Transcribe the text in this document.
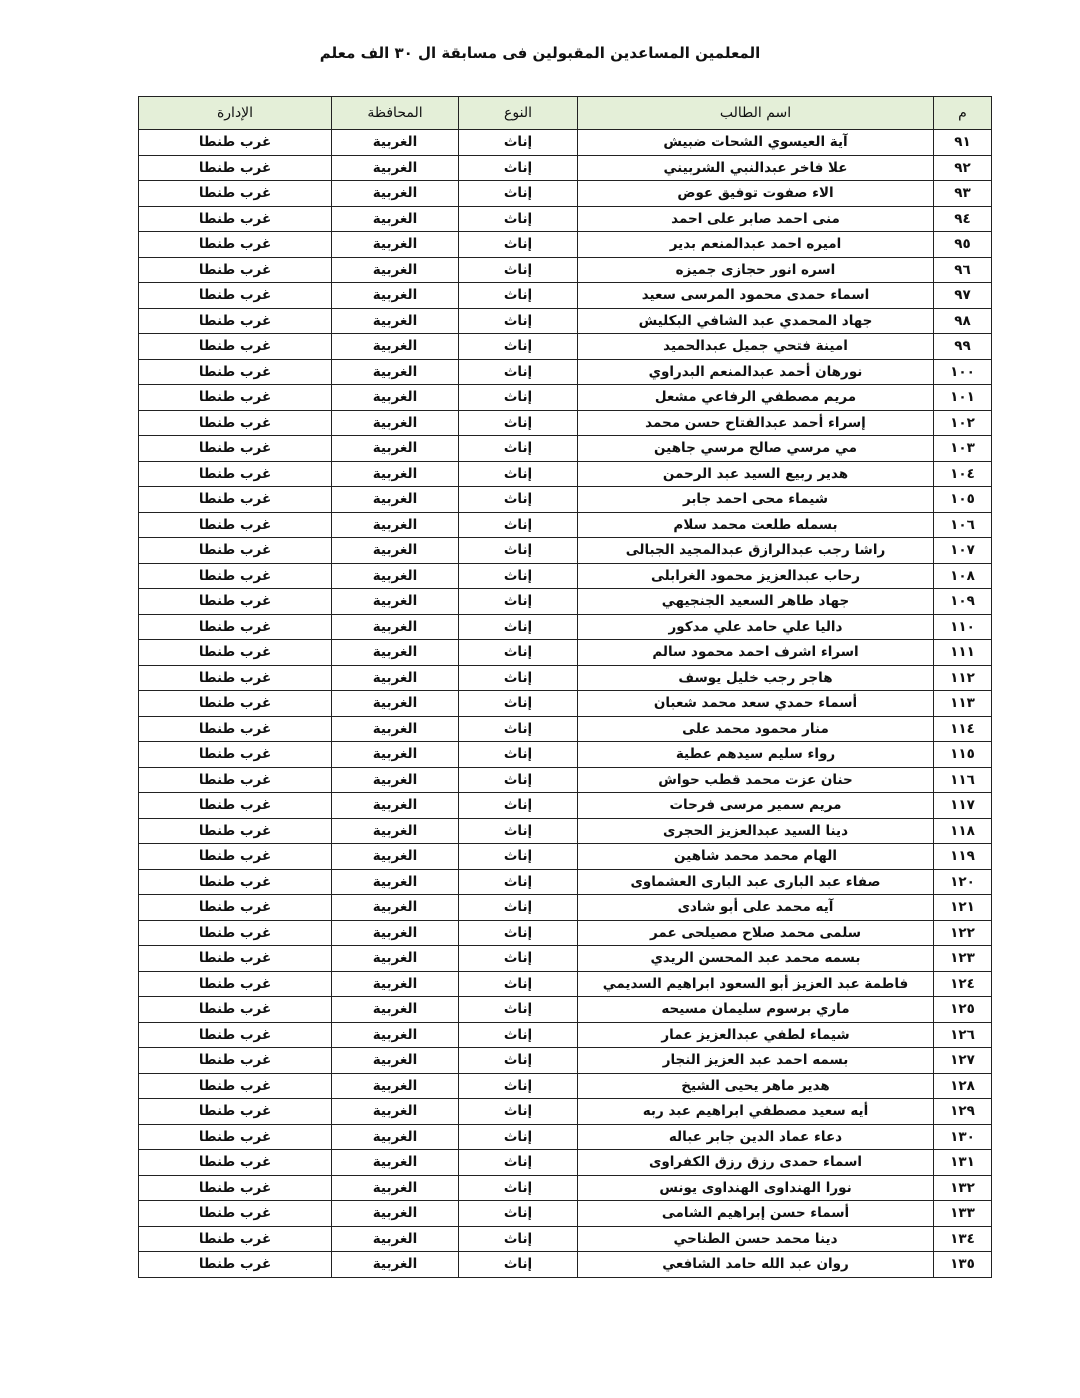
المعلمين المساعدين المقبولين فى مسابقة ال ٣٠ الف معلم
م	اسم الطالب	النوع	المحافظة	الإدارة
٩١	آية العيسوي الشحات ضبيش	إناث	الغربية	غرب طنطا
٩٢	علا فاخر عبدالنبي الشربيني	إناث	الغربية	غرب طنطا
٩٣	الاء صفوت توفيق عوض	إناث	الغربية	غرب طنطا
٩٤	منى احمد صابر على احمد	إناث	الغربية	غرب طنطا
٩٥	اميره احمد عبدالمنعم بدير	إناث	الغربية	غرب طنطا
٩٦	اسره انور حجازى جميزه	إناث	الغربية	غرب طنطا
٩٧	اسماء حمدى محمود المرسى سعيد	إناث	الغربية	غرب طنطا
٩٨	جهاد المحمدي عبد الشافي البكليش	إناث	الغربية	غرب طنطا
٩٩	امينة فتحي جميل عبدالحميد	إناث	الغربية	غرب طنطا
١٠٠	نورهان أحمد عبدالمنعم البدراوي	إناث	الغربية	غرب طنطا
١٠١	مريم مصطفي الرفاعي مشعل	إناث	الغربية	غرب طنطا
١٠٢	إسراء أحمد عبدالفتاح حسن محمد	إناث	الغربية	غرب طنطا
١٠٣	مي مرسي صالح مرسي جاهين	إناث	الغربية	غرب طنطا
١٠٤	هدير ربيع السيد عبد الرحمن	إناث	الغربية	غرب طنطا
١٠٥	شيماء محى احمد جابر	إناث	الغربية	غرب طنطا
١٠٦	بسمله طلعت محمد سلام	إناث	الغربية	غرب طنطا
١٠٧	راشا رجب عبدالرازق عبدالمجيد الجبالى	إناث	الغربية	غرب طنطا
١٠٨	رحاب عبدالعزيز محمود الغرابلى	إناث	الغربية	غرب طنطا
١٠٩	جهاد طاهر السعيد الجنجيهي	إناث	الغربية	غرب طنطا
١١٠	داليا علي حامد علي مدكور	إناث	الغربية	غرب طنطا
١١١	اسراء اشرف احمد محمود سالم	إناث	الغربية	غرب طنطا
١١٢	هاجر رجب خليل يوسف	إناث	الغربية	غرب طنطا
١١٣	أسماء حمدي سعد محمد شعبان	إناث	الغربية	غرب طنطا
١١٤	منار محمود محمد على	إناث	الغربية	غرب طنطا
١١٥	رواء سليم سيدهم عطية	إناث	الغربية	غرب طنطا
١١٦	حنان عزت محمد قطب حواش	إناث	الغربية	غرب طنطا
١١٧	مريم سمير مرسى فرحات	إناث	الغربية	غرب طنطا
١١٨	دينا السيد عبدالعزيز الحجرى	إناث	الغربية	غرب طنطا
١١٩	الهام محمد محمد شاهين	إناث	الغربية	غرب طنطا
١٢٠	صفاء عبد البارى عبد البارى العشماوى	إناث	الغربية	غرب طنطا
١٢١	آيه محمد على أبو شادى	إناث	الغربية	غرب طنطا
١٢٢	سلمى محمد صلاح مصيلحى عمر	إناث	الغربية	غرب طنطا
١٢٣	بسمه محمد عبد المحسن الريدي	إناث	الغربية	غرب طنطا
١٢٤	فاطمة عبد العزيز أبو السعود ابراهيم السديمي	إناث	الغربية	غرب طنطا
١٢٥	ماري برسوم سليمان مسيحه	إناث	الغربية	غرب طنطا
١٢٦	شيماء لطفي عبدالعزيز عمار	إناث	الغربية	غرب طنطا
١٢٧	بسمه احمد عبد العزيز النجار	إناث	الغربية	غرب طنطا
١٢٨	هدير ماهر يحيى الشيخ	إناث	الغربية	غرب طنطا
١٢٩	أيه سعيد مصطفي ابراهيم عبد ربه	إناث	الغربية	غرب طنطا
١٣٠	دعاء عماد الدين جابر عباله	إناث	الغربية	غرب طنطا
١٣١	اسماء حمدى رزق رزق الكفراوى	إناث	الغربية	غرب طنطا
١٣٢	نورا الهنداوى الهنداوى يونس	إناث	الغربية	غرب طنطا
١٣٣	أسماء حسن إبراهيم الشامى	إناث	الغربية	غرب طنطا
١٣٤	دينا محمد حسن الطناحي	إناث	الغربية	غرب طنطا
١٣٥	روان عبد الله حامد الشافعي	إناث	الغربية	غرب طنطا
